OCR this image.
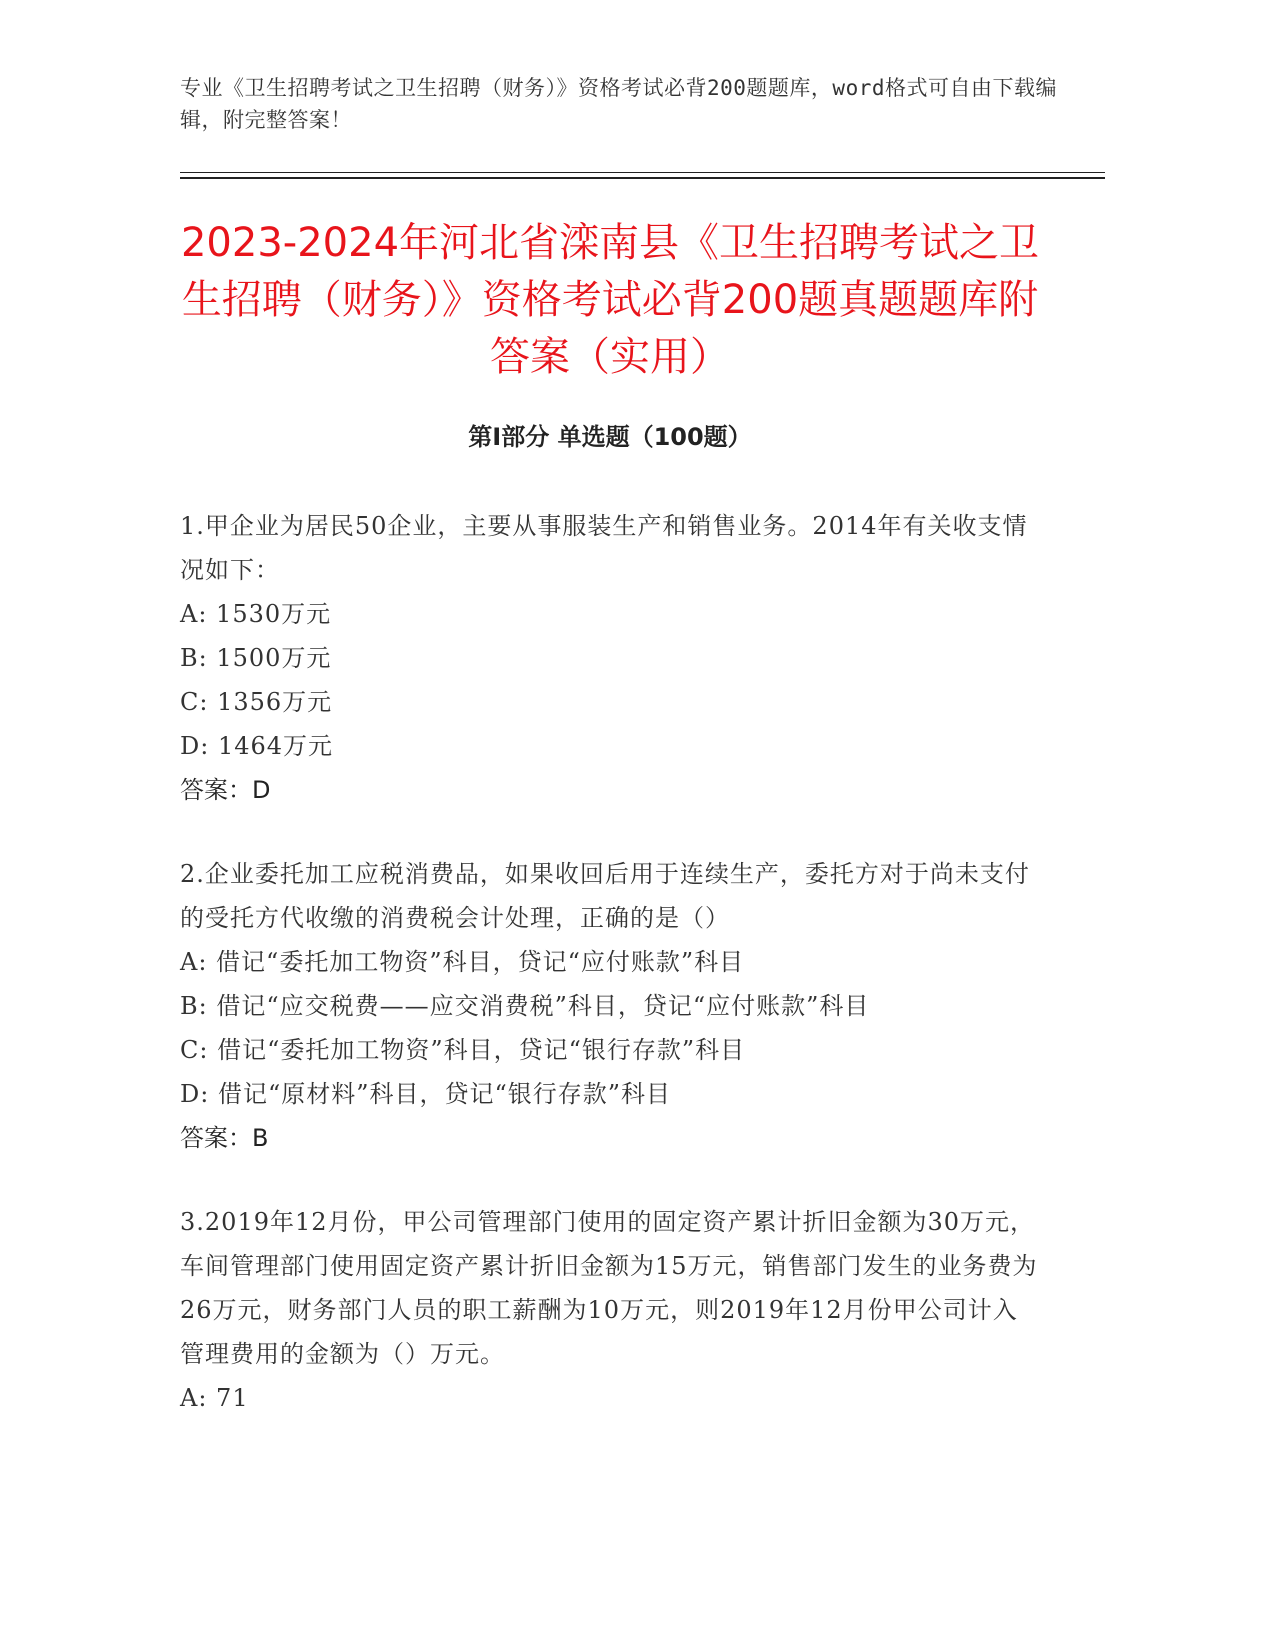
专业《卫生招聘考试之卫生招聘（财务）》资格考试必背200题题库，word格式可自由下载编辑，附完整答案！
2023-2024年河北省滦南县《卫生招聘考试之卫生招聘（财务）》资格考试必背200题真题题库附答案（实用）
第Ⅰ部分 单选题（100题）

1.甲企业为居民50企业，主要从事服装生产和销售业务。2014年有关收支情况如下：

A: 1530万元

B: 1500万元

C: 1356万元

D: 1464万元

答案：D

2.企业委托加工应税消费品，如果收回后用于连续生产，委托方对于尚未支付的受托方代收缴的消费税会计处理，正确的是（）

A: 借记“委托加工物资”科目，贷记“应付账款”科目

B: 借记“应交税费——应交消费税”科目，贷记“应付账款”科目

C: 借记“委托加工物资”科目，贷记“银行存款”科目

D: 借记“原材料”科目，贷记“银行存款”科目

答案：B

3.2019年12月份，甲公司管理部门使用的固定资产累计折旧金额为30万元，车间管理部门使用固定资产累计折旧金额为15万元，销售部门发生的业务费为26万元，财务部门人员的职工薪酬为10万元，则2019年12月份甲公司计入管理费用的金额为（）万元。

A: 71
